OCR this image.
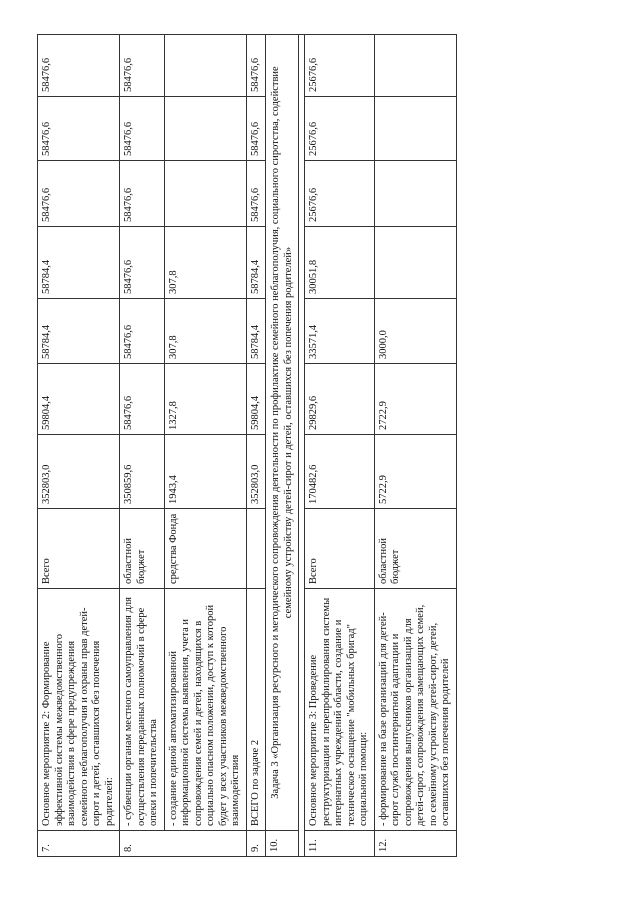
7.	Основное мероприятие 2: Формирование эффективной системы межведомственного взаимодействия в сфере предупреждения семейного неблагополучия и охраны прав детей-сирот и детей, оставшихся без попечения родителей:	Всего	352803,0	59804,4	58784,4	58784,4	58476,6	58476,6	58476,6
8.	- субвенции органам местного самоуправления для осуществления переданных полномочий в сфере опеки и попечительства	областной бюджет	350859,6	58476,6	58476,6	58476,6	58476,6	58476,6	58476,6
	- создание единой автоматизированной информационной системы выявления, учета и сопровождения семей и детей, находящихся в социально опасном положении, доступ к которой будет у всех участников межведомственного взаимодействия	средства Фонда	1943,4	1327,8	307,8	307,8			
9.	ВСЕГО по задаче 2		352803,0	59804,4	58784,4	58784,4	58476,6	58476,6	58476,6
10.	Задача 3 «Организация ресурсного и методического сопровождения деятельности по профилактике семейного неблагополучия, социального сиротства, содействие семейному устройству детей-сирот и детей, оставшихся без попечения родителей»								

11.	Основное мероприятие 3: Проведение реструктуризации и перепрофилирования системы интернатных учреждений области, создание и техническое оснащение "мобильных бригад" социальной помощи:	Всего	170482,6	29829,6	33571,4	30051,8	25676,6	25676,6	25676,6
12.	- формирование на базе организаций для детей-сирот служб постинтернатной адаптации и сопровождения выпускников организаций для детей-сирот, сопровождения замещающих семей, по семейному устройству детей-сирот, детей, оставшихся без попечения родителей	областной бюджет	5722,9	2722,9	3000,0				
